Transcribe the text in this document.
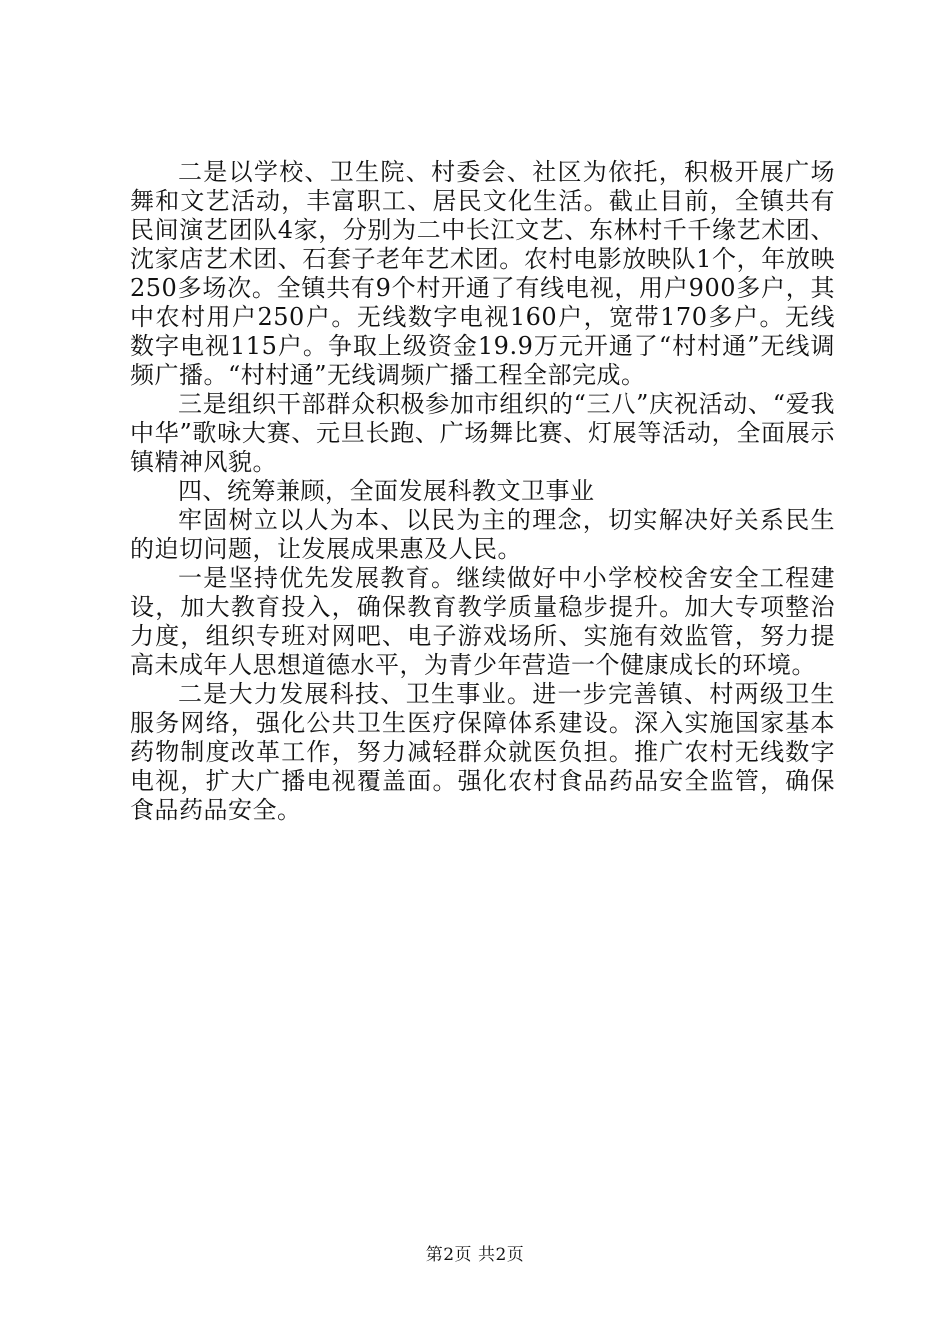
二是以学校、卫生院、村委会、社区为依托，积极开展广场舞和文艺活动，丰富职工、居民文化生活。截止目前，全镇共有民间演艺团队4家，分别为二中长江文艺、东林村千千缘艺术团、沈家店艺术团、石套子老年艺术团。农村电影放映队1个，年放映250多场次。全镇共有9个村开通了有线电视，用户900多户，其中农村用户250户。无线数字电视160户，宽带170多户。无线数字电视115户。争取上级资金19.9万元开通了“村村通”无线调频广播。“村村通”无线调频广播工程全部完成。

三是组织干部群众积极参加市组织的“三八”庆祝活动、“爱我中华”歌咏大赛、元旦长跑、广场舞比赛、灯展等活动，全面展示镇精神风貌。

四、统筹兼顾，全面发展科教文卫事业

牢固树立以人为本、以民为主的理念，切实解决好关系民生的迫切问题，让发展成果惠及人民。

一是坚持优先发展教育。继续做好中小学校校舍安全工程建设，加大教育投入，确保教育教学质量稳步提升。加大专项整治力度，组织专班对网吧、电子游戏场所、实施有效监管，努力提高未成年人思想道德水平，为青少年营造一个健康成长的环境。

二是大力发展科技、卫生事业。进一步完善镇、村两级卫生服务网络，强化公共卫生医疗保障体系建设。深入实施国家基本药物制度改革工作，努力减轻群众就医负担。推广农村无线数字电视，扩大广播电视覆盖面。强化农村食品药品安全监管，确保食品药品安全。

第2页 共2页
